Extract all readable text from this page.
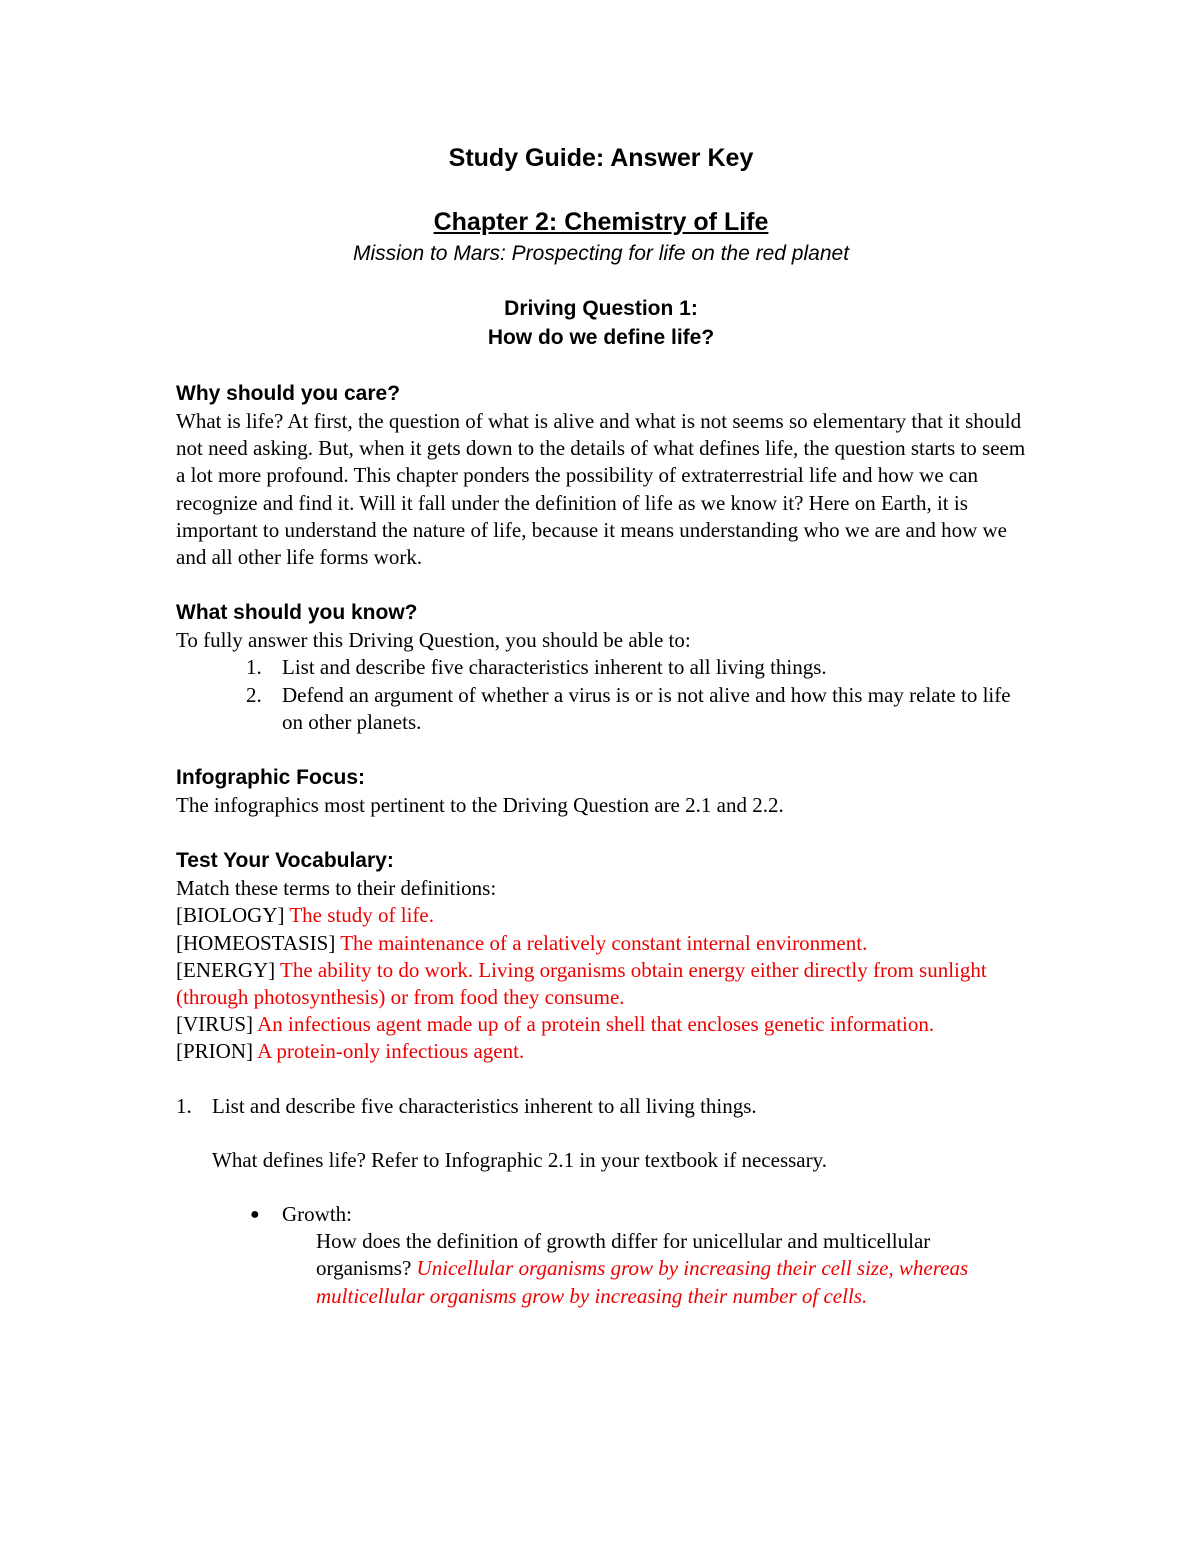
Study Guide: Answer Key

Chapter 2: Chemistry of Life

Mission to Mars: Prospecting for life on the red planet

Driving Question 1:

How do we define life?

Why should you care?

What is life? At first, the question of what is alive and what is not seems so elementary that it should not need asking. But, when it gets down to the details of what defines life, the question starts to seem a lot more profound. This chapter ponders the possibility of extraterrestrial life and how we can recognize and find it. Will it fall under the definition of life as we know it? Here on Earth, it is important to understand the nature of life, because it means understanding who we are and how we and all other life forms work.

What should you know?

To fully answer this Driving Question, you should be able to:

1. List and describe five characteristics inherent to all living things.
2. Defend an argument of whether a virus is or is not alive and how this may relate to life on other planets.

Infographic Focus:

The infographics most pertinent to the Driving Question are 2.1 and 2.2.

Test Your Vocabulary:

Match these terms to their definitions:

[BIOLOGY] The study of life.

[HOMEOSTASIS] The maintenance of a relatively constant internal environment.

[ENERGY] The ability to do work. Living organisms obtain energy either directly from sunlight (through photosynthesis) or from food they consume.

[VIRUS] An infectious agent made up of a protein shell that encloses genetic information.

[PRION] A protein-only infectious agent.

1. List and describe five characteristics inherent to all living things.

What defines life? Refer to Infographic 2.1 in your textbook if necessary.

● Growth:

How does the definition of growth differ for unicellular and multicellular organisms? Unicellular organisms grow by increasing their cell size, whereas multicellular organisms grow by increasing their number of cells.
